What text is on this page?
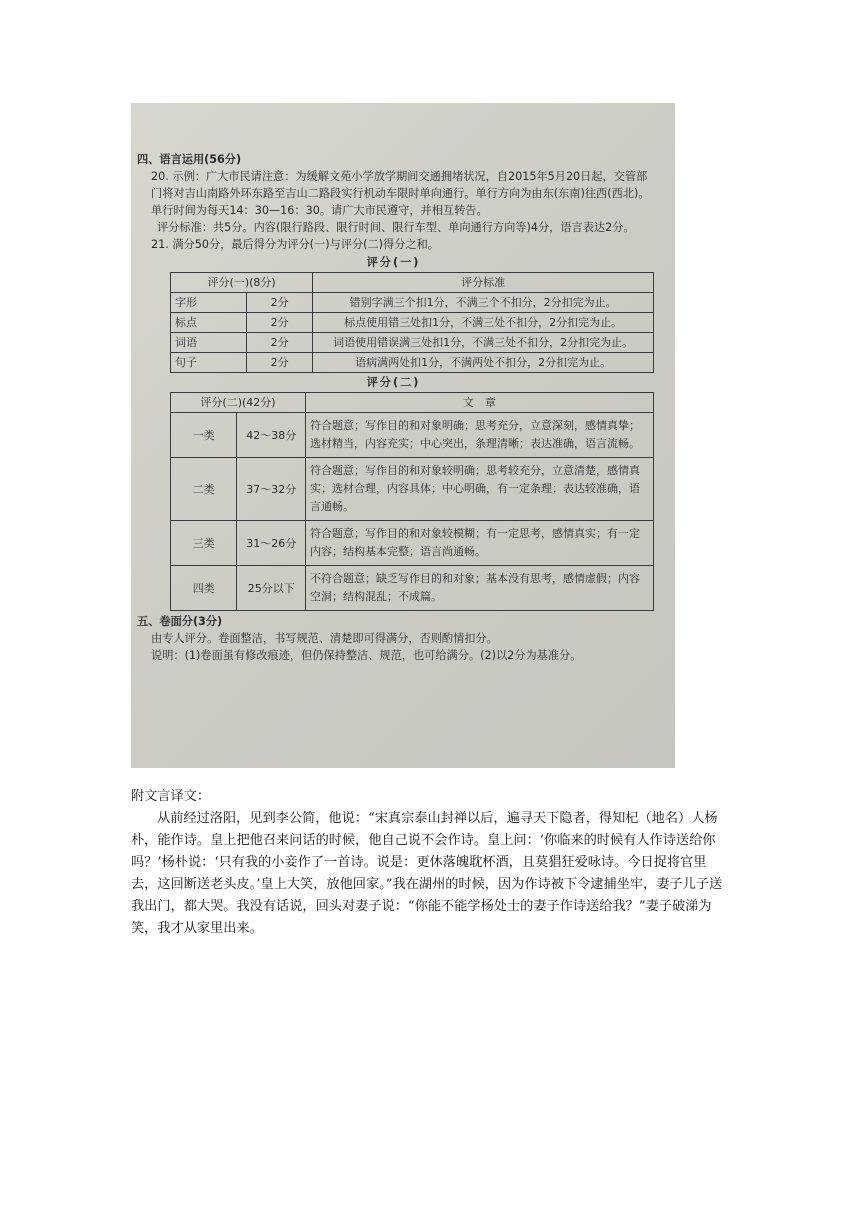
四、语言运用(56分)

20. 示例：广大市民请注意：为缓解文苑小学放学期间交通拥堵状况，自2015年5月20日起，交管部门将对吉山南路外环东路至吉山二路段实行机动车限时单向通行。单行方向为由东(东南)往西(西北)。单行时间为每天14：30—16：30。请广大市民遵守，并相互转告。

评分标准：共5分。内容(限行路段、限行时间、限行车型、单向通行方向等)4分，语言表达2分。

21. 满分50分，最后得分为评分(一)与评分(二)得分之和。

评分(一)
评分(一)(8分)		评分标准
字形	2分	错别字满三个扣1分，不满三个不扣分，2分扣完为止。
标点	2分	标点使用错三处扣1分，不满三处不扣分，2分扣完为止。
词语	2分	词语使用错误满三处扣1分，不满三处不扣分，2分扣完为止。
句子	2分	语病满两处扣1分，不满两处不扣分，2分扣完为止。
评分(二)
评分(二)(42分)		文　章
一类	42～38分	符合题意；写作目的和对象明确；思考充分，立意深刻，感情真挚；选材精当，内容充实；中心突出，条理清晰；表达准确，语言流畅。
二类	37～32分	符合题意；写作目的和对象较明确；思考较充分，立意清楚，感情真实；选材合理，内容具体；中心明确，有一定条理；表达较准确，语言通畅。
三类	31～26分	符合题意；写作目的和对象较模糊；有一定思考，感情真实；有一定内容；结构基本完整；语言尚通畅。
四类	25分以下	不符合题意；缺乏写作目的和对象；基本没有思考，感情虚假；内容空洞；结构混乱；不成篇。

五、卷面分(3分)

由专人评分。卷面整洁，书写规范、清楚即可得满分，否则酌情扣分。

说明：(1)卷面虽有修改痕迹，但仍保持整洁、规范，也可给满分。(2)以2分为基准分。

附文言译文：

从前经过洛阳，见到李公简，他说：“宋真宗泰山封禅以后，遍寻天下隐者，得知杞（地名）人杨朴，能作诗。皇上把他召来问话的时候，他自己说不会作诗。皇上问：‘你临来的时候有人作诗送给你吗？’杨朴说：‘只有我的小妾作了一首诗。说是：更休落魄耽杯酒，且莫猖狂爱咏诗。今日捉将官里去，这回断送老头皮。’皇上大笑，放他回家。”我在湖州的时候，因为作诗被下令逮捕坐牢，妻子儿子送我出门，都大哭。我没有话说，回头对妻子说：“你能不能学杨处士的妻子作诗送给我？”妻子破涕为笑，我才从家里出来。
